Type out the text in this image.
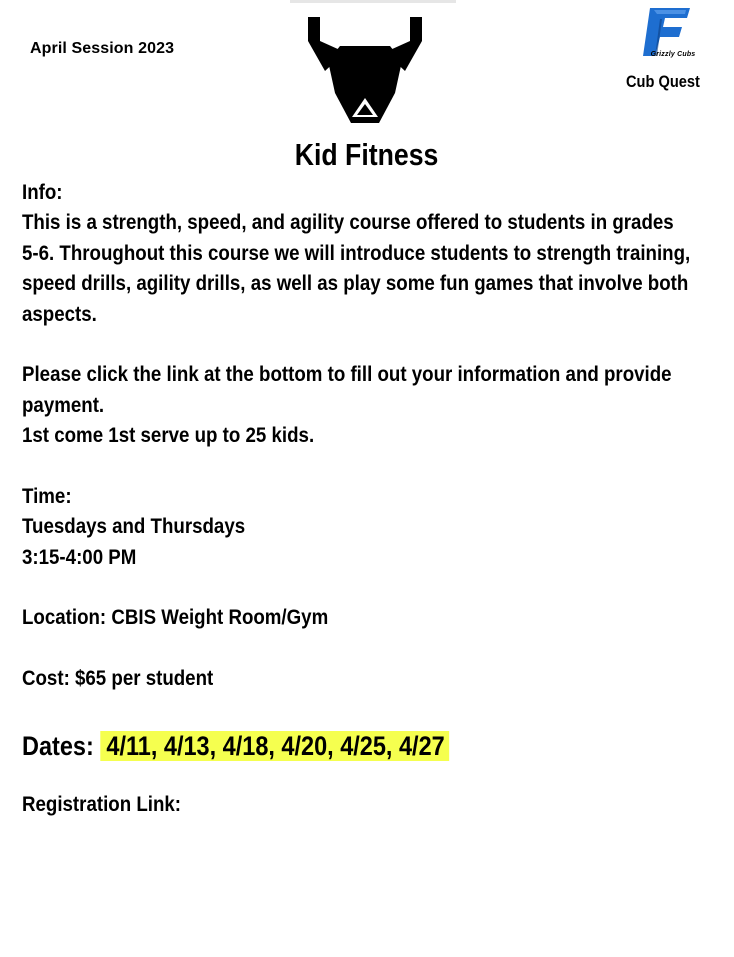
April Session 2023	Grizzly Cubs
Cub Quest
Kid Fitness
Info:
This is a strength, speed, and agility course offered to students in grades
5-6. Throughout this course we will introduce students to strength training,
speed drills, agility drills, as well as play some fun games that involve both
aspects.
Please click the link at the bottom to fill out your information and provide
payment.
1st come 1st serve up to 25 kids.
Time:
Tuesdays and Thursdays
3:15-4:00 PM
Location: CBIS Weight Room/Gym
Cost: $65 per student
Dates: 4/11, 4/13, 4/18, 4/20, 4/25, 4/27
Registration Link:
